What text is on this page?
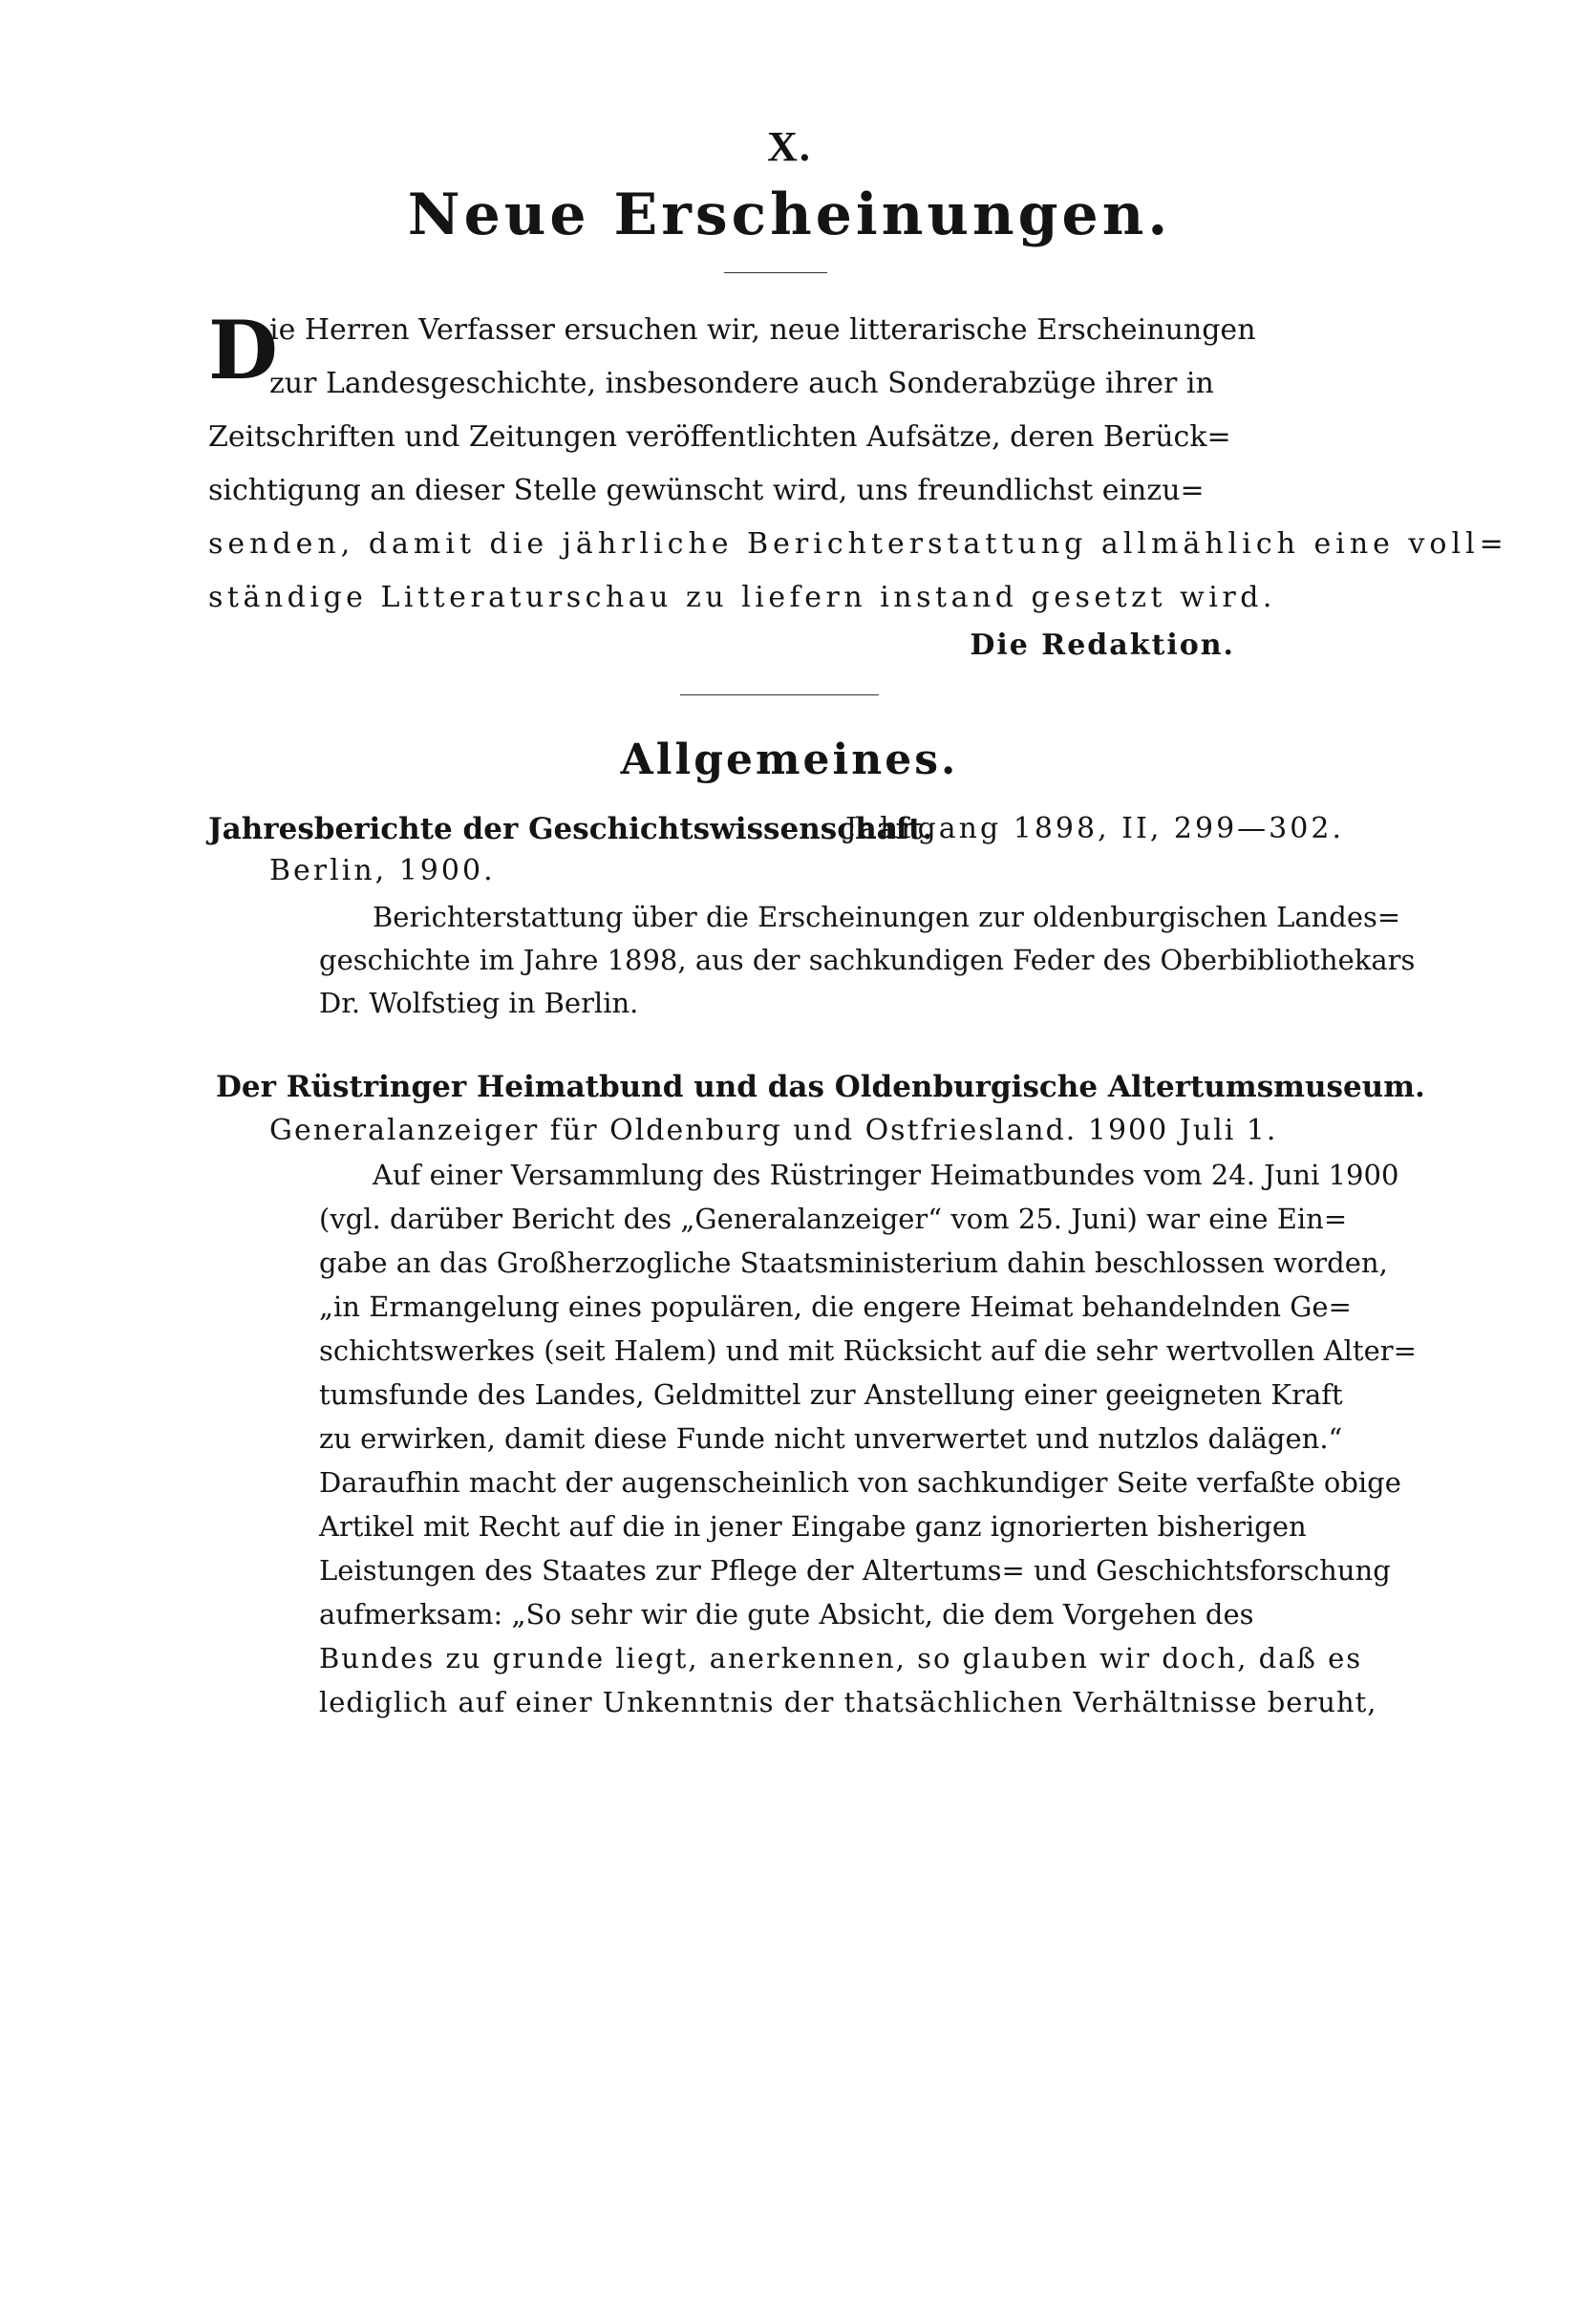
X.
Neue Erscheinungen.
D
ie Herren Verfasser ersuchen wir, neue litterarische Erscheinungen
zur Landesgeschichte, insbesondere auch Sonderabzüge ihrer in
Zeitschriften und Zeitungen veröffentlichten Aufsätze, deren Berück=
sichtigung an dieser Stelle gewünscht wird, uns freundlichst einzu=
senden, damit die jährliche Berichterstattung allmählich eine voll=
ständige Litteraturschau zu liefern instand gesetzt wird.
Die Redaktion.
Allgemeines.
Jahresberichte der Geschichtswissenschaft.
Jahrgang 1898, II, 299—302.
Berlin, 1900.
Berichterstattung über die Erscheinungen zur oldenburgischen Landes=
geschichte im Jahre 1898, aus der sachkundigen Feder des Oberbibliothekars
Dr. Wolfstieg in Berlin.
Der Rüstringer Heimatbund und das Oldenburgische Altertumsmuseum.
Generalanzeiger für Oldenburg und Ostfriesland. 1900 Juli 1.
Auf einer Versammlung des Rüstringer Heimatbundes vom 24. Juni 1900
(vgl. darüber Bericht des „Generalanzeiger“ vom 25. Juni) war eine Ein=
gabe an das Großherzogliche Staatsministerium dahin beschlossen worden,
„in Ermangelung eines populären, die engere Heimat behandelnden Ge=
schichtswerkes (seit Halem) und mit Rücksicht auf die sehr wertvollen Alter=
tumsfunde des Landes, Geldmittel zur Anstellung einer geeigneten Kraft
zu erwirken, damit diese Funde nicht unverwertet und nutzlos dalägen.“
Daraufhin macht der augenscheinlich von sachkundiger Seite verfaßte obige
Artikel mit Recht auf die in jener Eingabe ganz ignorierten bisherigen
Leistungen des Staates zur Pflege der Altertums= und Geschichtsforschung
aufmerksam: „So sehr wir die gute Absicht, die dem Vorgehen des
Bundes zu grunde liegt, anerkennen, so glauben wir doch, daß es
lediglich auf einer Unkenntnis der thatsächlichen Verhältnisse beruht,
